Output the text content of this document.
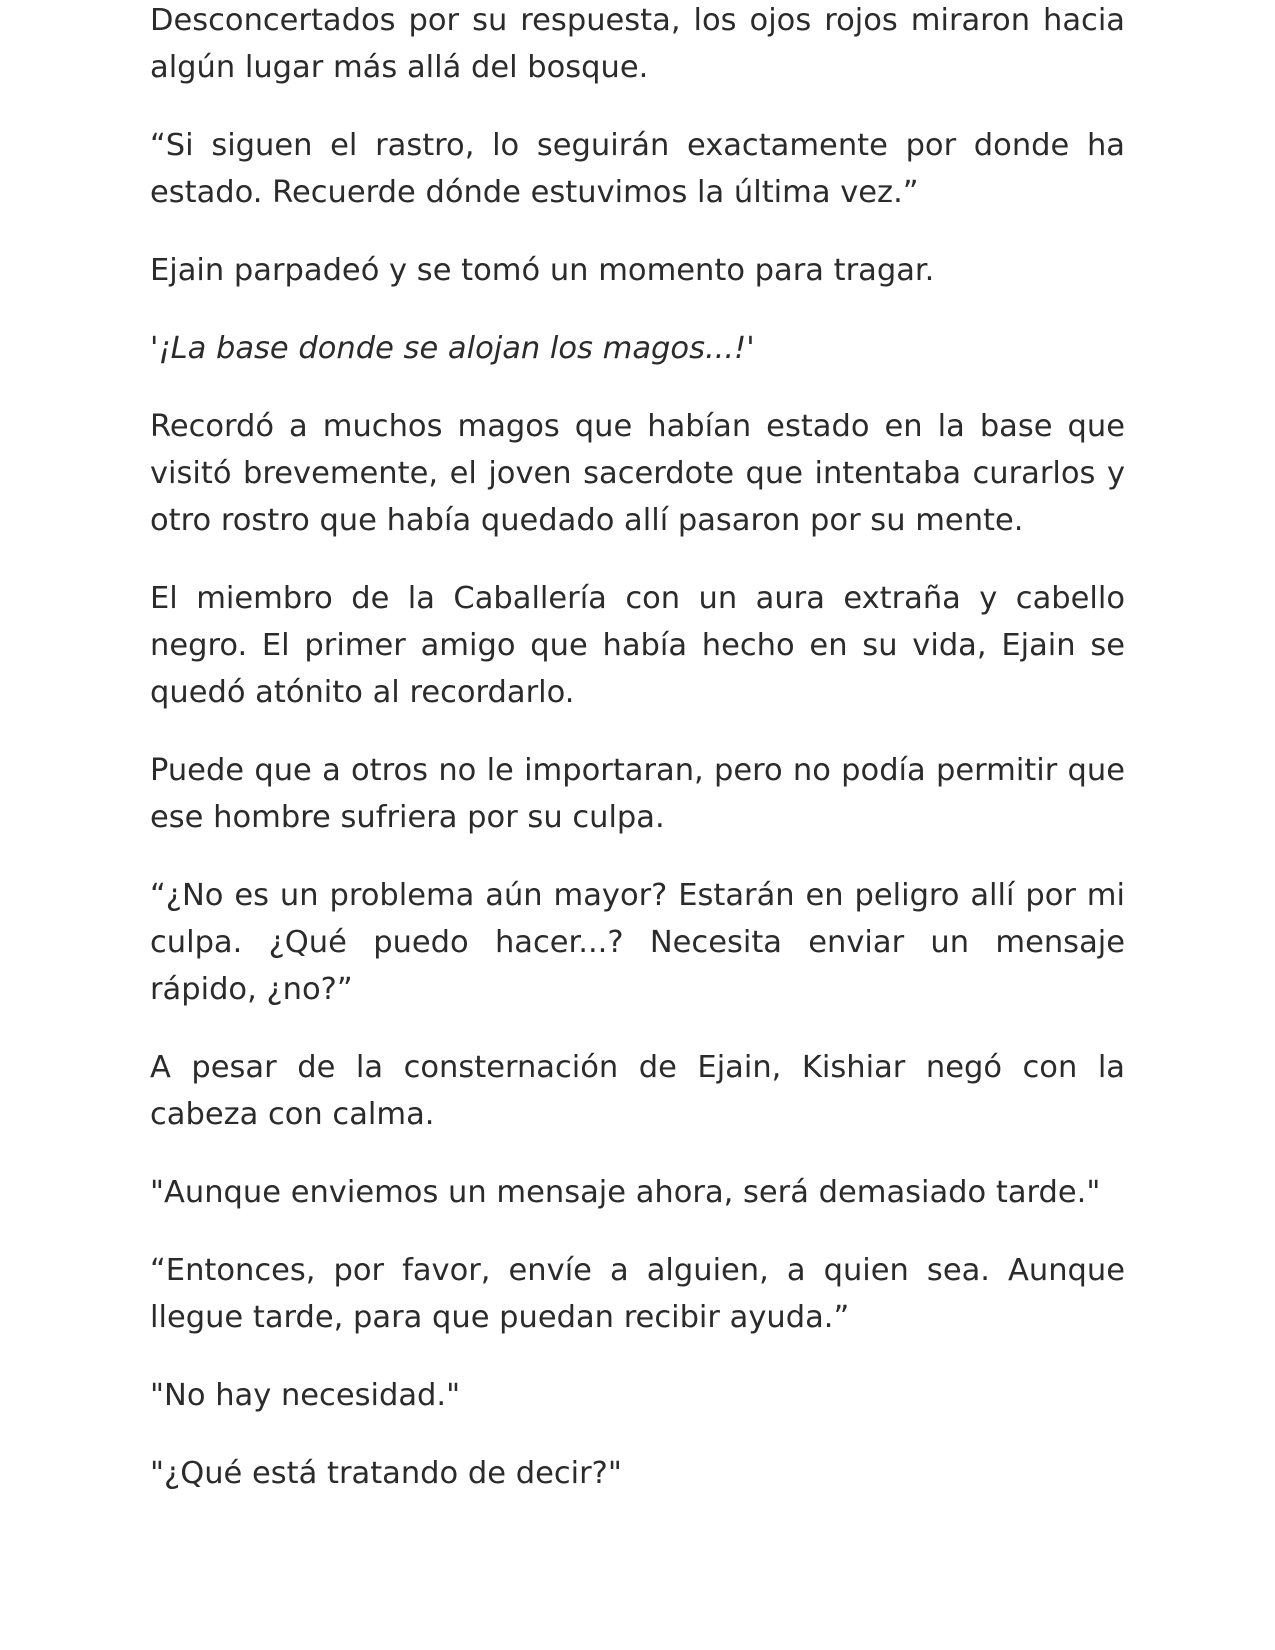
Desconcertados por su respuesta, los ojos rojos miraron hacia algún lugar más allá del bosque.

“Si siguen el rastro, lo seguirán exactamente por donde ha estado. Recuerde dónde estuvimos la última vez.”

Ejain parpadeó y se tomó un momento para tragar.

'¡La base donde se alojan los magos...!'

Recordó a muchos magos que habían estado en la base que visitó brevemente, el joven sacerdote que intentaba curarlos y otro rostro que había quedado allí pasaron por su mente.

El miembro de la Caballería con un aura extraña y cabello negro. El primer amigo que había hecho en su vida, Ejain se quedó atónito al recordarlo.

Puede que a otros no le importaran, pero no podía permitir que ese hombre sufriera por su culpa.

“¿No es un problema aún mayor? Estarán en peligro allí por mi culpa. ¿Qué puedo hacer...? Necesita enviar un mensaje rápido, ¿no?”

A pesar de la consternación de Ejain, Kishiar negó con la cabeza con calma.

"Aunque enviemos un mensaje ahora, será demasiado tarde."

“Entonces, por favor, envíe a alguien, a quien sea. Aunque llegue tarde, para que puedan recibir ayuda.”

"No hay necesidad."

"¿Qué está tratando de decir?"
